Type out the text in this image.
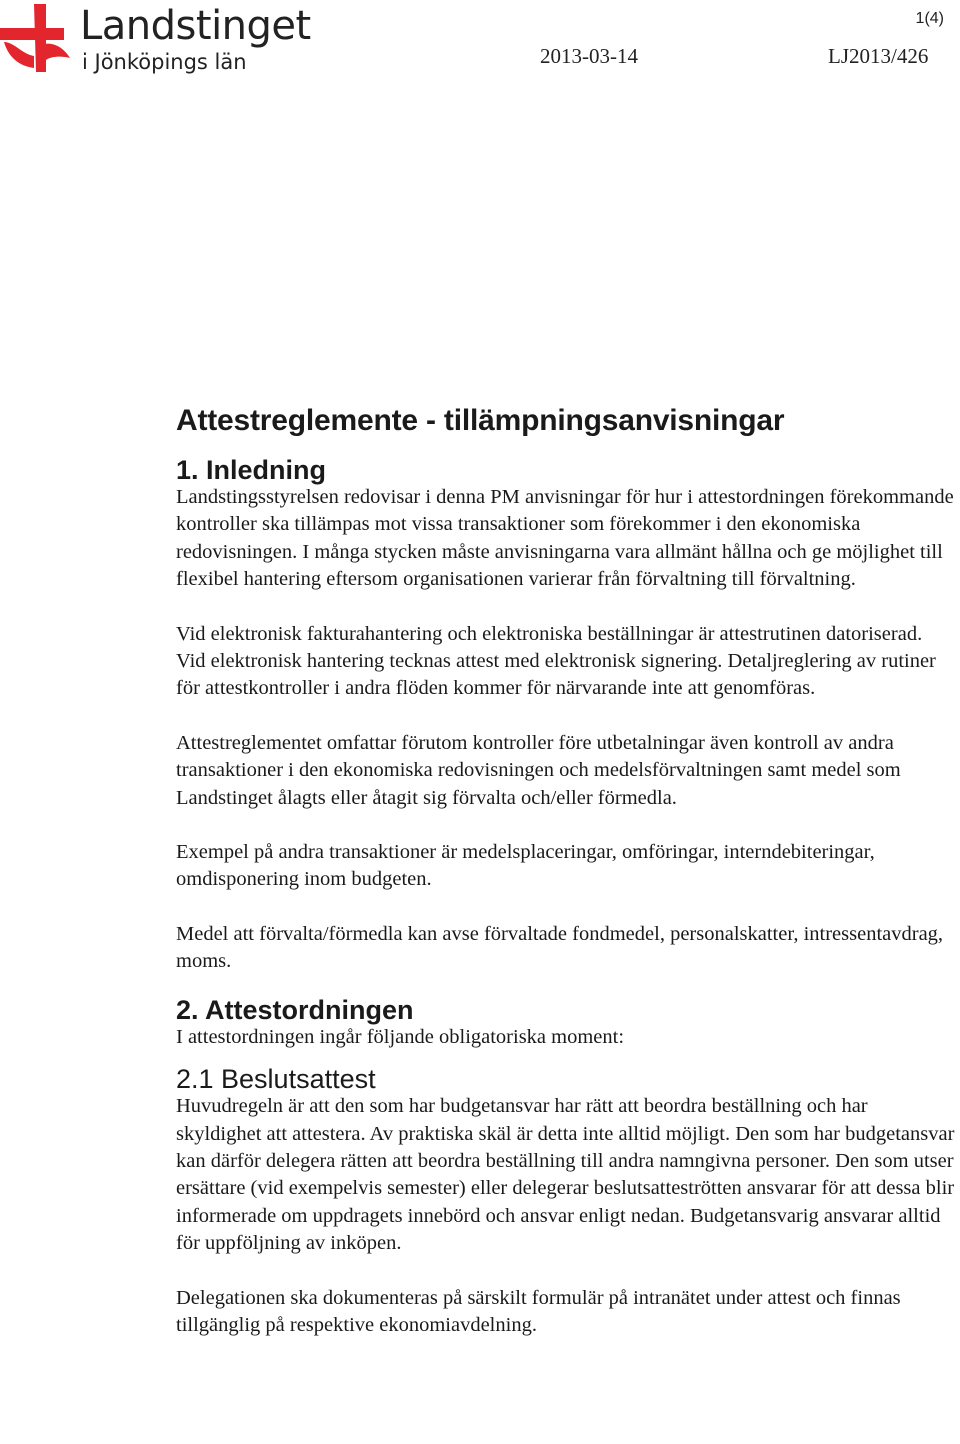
Landstinget
i Jönköpings län
1(4)
2013-03-14	LJ2013/426
Attestreglemente - tillämpningsanvisningar
1. Inledning

Landstingsstyrelsen redovisar i denna PM anvisningar för hur i attestordningen förekommande kontroller ska tillämpas mot vissa transaktioner som förekommer i den ekonomiska redovisningen. I många stycken måste anvisningarna vara allmänt hållna och ge möjlighet till flexibel hantering eftersom organisationen varierar från förvaltning till förvaltning.

Vid elektronisk fakturahantering och elektroniska beställningar är attestrutinen datoriserad. Vid elektronisk hantering tecknas attest med elektronisk signering. Detaljreglering av rutiner för attestkontroller i andra flöden kommer för närvarande inte att genomföras.

Attestreglementet omfattar förutom kontroller före utbetalningar även kontroll av andra transaktioner i den ekonomiska redovisningen och medelsförvaltningen samt medel som Landstinget ålagts eller åtagit sig förvalta och/eller förmedla.

Exempel på andra transaktioner är medelsplaceringar, omföringar, interndebiteringar, omdisponering inom budgeten.

Medel att förvalta/förmedla kan avse förvaltade fondmedel, personalskatter, intressentavdrag, moms.

2. Attestordningen

I attestordningen ingår följande obligatoriska moment:

2.1 Beslutsattest

Huvudregeln är att den som har budgetansvar har rätt att beordra beställning och har skyldighet att attestera. Av praktiska skäl är detta inte alltid möjligt. Den som har budgetansvar kan därför delegera rätten att beordra beställning till andra namngivna personer. Den som utser ersättare (vid exempelvis semester) eller delegerar beslutsatteströtten ansvarar för att dessa blir informerade om uppdragets innebörd och ansvar enligt nedan. Budgetansvarig ansvarar alltid för uppföljning av inköpen.

Delegationen ska dokumenteras på särskilt formulär på intranätet under attest och finnas tillgänglig på respektive ekonomiavdelning.
